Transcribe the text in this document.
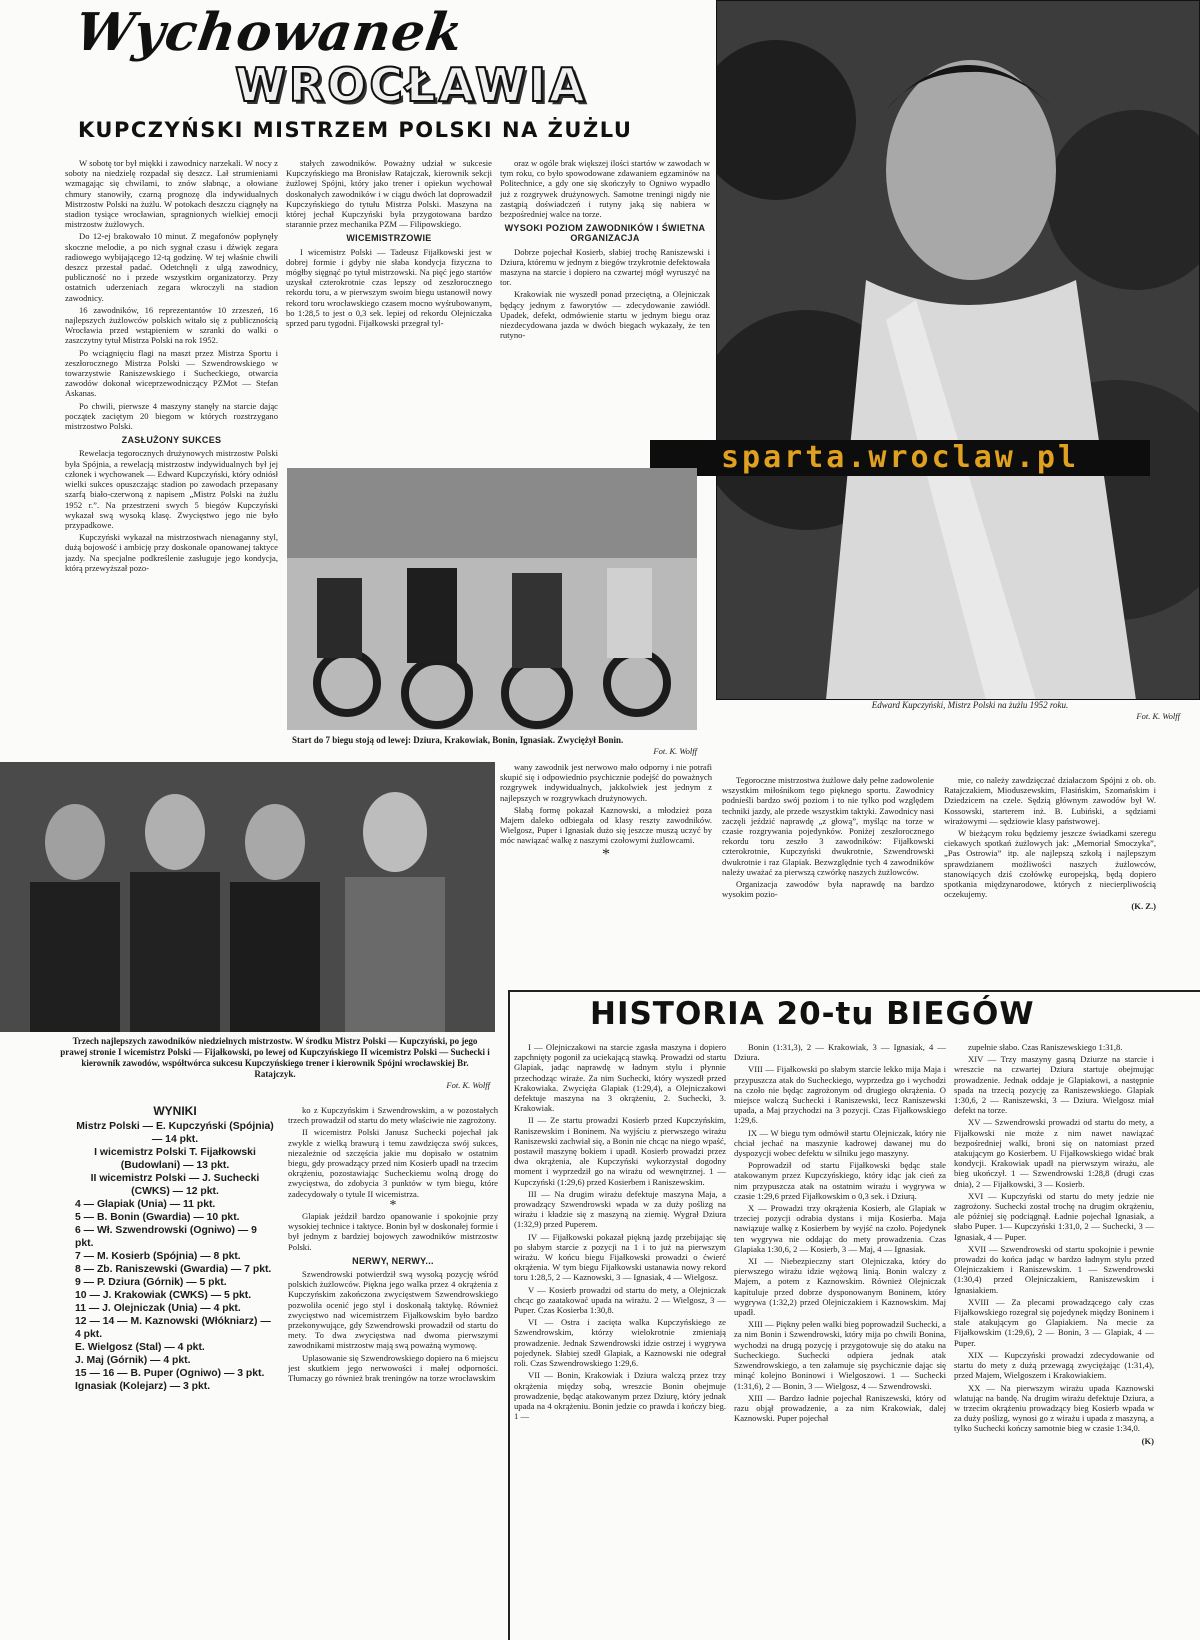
Wychowanek
WROCŁAWIA
KUPCZYŃSKI MISTRZEM POLSKI NA ŻUŻLU

W sobotę tor był miękki i zawodnicy narzekali. W nocy z soboty na niedzielę rozpadał się deszcz. Lał strumieniami wzmagając się chwilami, to znów słabnąc, a ołowiane chmury stanowiły, czarną prognozę dla indywidualnych Mistrzostw Polski na żużlu. W potokach deszczu ciągnęły na stadion tysiące wrocławian, spragnionych wielkiej emocji mistrzostw żużlowych.

Do 12-ej brakowało 10 minut. Z megafonów popłynęły skoczne melodie, a po nich sygnał czasu i dźwięk zegara radiowego wybijającego 12-tą godzinę. W tej właśnie chwili deszcz przestał padać. Odetchnęli z ulgą zawodnicy, publiczność no i przede wszystkim organizatorzy. Przy ostatnich uderzeniach zegara wkroczyli na stadion zawodnicy.

16 zawodników, 16 reprezentantów 10 zrzeszeń, 16 najlepszych żużlowców polskich witało się z publicznością Wrocławia przed wstąpieniem w szranki do walki o zaszczytny tytuł Mistrza Polski na rok 1952.

Po wciągnięciu flagi na maszt przez Mistrza Sportu i zeszłorocznego Mistrza Polski — Szwendrowskiego w towarzystwie Raniszewskiego i Sucheckiego, otwarcia zawodów dokonał wiceprzewodniczący PZMot — Stefan Askanas.

Po chwili, pierwsze 4 maszyny stanęły na starcie dając początek zaciętym 20 biegom w których rozstrzygano mistrzostwo Polski.

ZASŁUŻONY SUKCES

Rewelacja tegorocznych drużynowych mistrzostw Polski była Spójnia, a rewelacją mistrzostw indywidualnych był jej członek i wychowanek — Edward Kupczyński, który odniósł wielki sukces opuszczając stadion po zawodach przepasany szarfą biało-czerwoną z napisem „Mistrz Polski na żużlu 1952 r.”. Na przestrzeni swych 5 biegów Kupczyński wykazał swą wysoką klasę. Zwycięstwo jego nie było przypadkowe.

Kupczyński wykazał na mistrzostwach nienaganny styl, dużą bojowość i ambicję przy doskonale opanowanej taktyce jazdy. Na specjalne podkreślenie zasługuje jego kondycja, którą przewyższał pozo-

stałych zawodników. Poważny udział w sukcesie Kupczyńskiego ma Bronisław Ratajczak, kierownik sekcji żużlowej Spójni, który jako trener i opiekun wychował doskonałych zawodników i w ciągu dwóch lat doprowadził Kupczyńskiego do tytułu Mistrza Polski. Maszyna na której jechał Kupczyński była przygotowana bardzo starannie przez mechanika PZM — Filipowskiego.

WICEMISTRZOWIE

I wicemistrz Polski — Tadeusz Fijałkowski jest w dobrej formie i gdyby nie słaba kondycja fizyczna to mógłby sięgnąć po tytuł mistrzowski. Na pięć jego startów uzyskał czterokrotnie czas lepszy od zeszłorocznego rekordu toru, a w pierwszym swoim biegu ustanowił nowy rekord toru wrocławskiego czasem mocno wyśrubowanym, bo 1:28,5 to jest o 0,3 sek. lepiej od rekordu Olejniczaka sprzed paru tygodni. Fijałkowski przegrał tyl-

oraz w ogóle brak większej ilości startów w zawodach w tym roku, co było spowodowane zdawaniem egzaminów na Politechnice, a gdy one się skończyły to Ogniwo wypadło już z rozgrywek drużynowych. Samotne treningi nigdy nie zastąpią doświadczeń i rutyny jaką się nabiera w bezpośredniej walce na torze.

WYSOKI POZIOM ZAWODNIKÓW I ŚWIETNA ORGANIZACJA

Dobrze pojechał Kosierb, słabiej trochę Raniszewski i Dziura, któremu w jednym z biegów trzykrotnie defektowała maszyna na starcie i dopiero na czwartej mógł wyruszyć na tor.

Krakowiak nie wyszedł ponad przeciętną, a Olejniczak będący jednym z faworytów — zdecydowanie zawiódł. Upadek, defekt, odmówienie startu w jednym biegu oraz niezdecydowana jazda w dwóch biegach wykazały, że ten rutyno-

Edward Kupczyński, Mistrz Polski na żużlu 1952 roku.
Fot. K. Wolff
sparta.wroclaw.pl
Start do 7 biegu stoją od lewej: Dziura, Krakowiak, Bonin, Ignasiak. Zwyciężył Bonin.
Fot. K. Wolff
Trzech najlepszych zawodników niedzielnych mistrzostw. W środku Mistrz Polski — Kupczyński, po jego prawej stronie I wicemistrz Polski — Fijałkowski, po lewej od Kupczyńskiego II wicemistrz Polski — Suchecki i kierownik zawodów, współtwórca sukcesu Kupczyńskiego trener i kierownik Spójni wrocławskiej Br. Ratajczyk.
Fot. K. Wolff

wany zawodnik jest nerwowo mało odporny i nie potrafi skupić się i odpowiednio psychicznie podejść do poważnych rozgrywek indywidualnych, jakkolwiek jest jednym z najlepszych w rozgrywkach drużynowych.

Słabą formę pokazał Kaznowski, a młodzież poza Majem daleko odbiegała od klasy reszty zawodników. Wielgosz, Puper i Ignasiak dużo się jeszcze muszą uczyć by móc nawiązać walkę z naszymi czołowymi żużlowcami.

*

Tegoroczne mistrzostwa żużlowe dały pełne zadowolenie wszystkim miłośnikom tego pięknego sportu. Zawodnicy podnieśli bardzo swój poziom i to nie tylko pod względem techniki jazdy, ale przede wszystkim taktyki. Zawodnicy nasi zaczęli jeździć naprawdę „z głową”, myśląc na torze w czasie rozgrywania pojedynków. Poniżej zeszłorocznego rekordu toru zeszło 3 zawodników: Fijałkowski czterokrotnie, Kupczyński dwukrotnie, Szwendrowski dwukrotnie i raz Glapiak. Bezwzględnie tych 4 zawodników należy uważać za pierwszą czwórkę naszych żużlowców.

Organizacja zawodów była naprawdę na bardzo wysokim pozio-

mie, co należy zawdzięczać działaczom Spójni z ob. ob. Ratajczakiem, Mioduszewskim, Flasińskim, Szomańskim i Dziedzicem na czele. Sędzią głównym zawodów był W. Kossowski, starterem inż. B. Lubiński, a sędziami wirażowymi — sędziowie klasy państwowej.

W bieżącym roku będziemy jeszcze świadkami szeregu ciekawych spotkań żużlowych jak: „Memoriał Smoczyka”, „Pas Ostrowia” itp. ale najlepszą szkołą i najlepszym sprawdzianem możliwości naszych żużlowców, stanowiących dziś czołówkę europejską, będą dopiero spotkania międzynarodowe, których z niecierpliwością oczekujemy.

(K. Z.)
WYNIKI
Mistrz Polski — E. Kupczyński (Spójnia) — 14 pkt.
I wicemistrz Polski T. Fijałkowski (Budowlani) — 13 pkt.
II wicemistrz Polski — J. Suchecki (CWKS) — 12 pkt.
4 — Glapiak (Unia) — 11 pkt.
5 — B. Bonin (Gwardia) — 10 pkt.
6 — Wł. Szwendrowski (Ogniwo) — 9 pkt.
7 — M. Kosierb (Spójnia) — 8 pkt.
8 — Zb. Raniszewski (Gwardia) — 7 pkt.
9 — P. Dziura (Górnik) — 5 pkt.
10 — J. Krakowiak (CWKS) — 5 pkt.
11 — J. Olejniczak (Unia) — 4 pkt.
12 — 14 — M. Kaznowski (Włókniarz) — 4 pkt.
E. Wielgosz (Stal) — 4 pkt.
J. Maj (Górnik) — 4 pkt.
15 — 16 — B. Puper (Ogniwo) — 3 pkt.
Ignasiak (Kolejarz) — 3 pkt.

ko z Kupczyńskim i Szwendrowskim, a w pozostałych trzech prowadził od startu do mety właściwie nie zagrożony.

II wicemistrz Polski Janusz Suchecki pojechał jak zwykle z wielką brawurą i temu zawdzięcza swój sukces, niezależnie od szczęścia jakie mu dopisało w ostatnim biegu, gdy prowadzący przed nim Kosierb upadł na trzecim okrążeniu, pozostawiając Sucheckiemu wolną drogę do zwycięstwa, do zdobycia 3 punktów w tym biegu, które zadecydowały o tytule II wicemistrza.

*

Glapiak jeździł bardzo opanowanie i spokojnie przy wysokiej technice i taktyce. Bonin był w doskonałej formie i był jednym z bardziej bojowych zawodników mistrzostw Polski.

NERWY, NERWY...

Szwendrowski potwierdził swą wysoką pozycję wśród polskich żużlowców. Piękna jego walka przez 4 okrążenia z Kupczyńskim zakończona zwycięstwem Szwendrowskiego pozwoliła ocenić jego styl i doskonałą taktykę. Również zwycięstwo nad wicemistrzem Fijałkowskim było bardzo przekonywujące, gdy Szwendrowski prowadził od startu do mety. To dwa zwycięstwa nad dwoma pierwszymi zawodnikami mistrzostw mają swą poważną wymowę.

Uplasowanie się Szwendrowskiego dopiero na 6 miejscu jest skutkiem jego nerwowości i małej odporności. Tłumaczy go również brak treningów na torze wrocławskim

HISTORIA 20-tu BIEGÓW

I — Olejniczakowi na starcie zgasła maszyna i dopiero zapchnięty pogonił za uciekającą stawką. Prowadzi od startu Glapiak, jadąc naprawdę w ładnym stylu i płynnie przechodząc wiraże. Za nim Suchecki, który wyszedł przed Krakowiaka. Zwycięża Glapiak (1:29,4), a Olejniczakowi defektuje maszyna na 3 okrążeniu, 2. Suchecki, 3. Krakowiak.

II — Ze startu prowadzi Kosierb przed Kupczyńskim, Raniszewskim i Boninem. Na wyjściu z pierwszego wirażu Raniszewski zachwiał się, a Bonin nie chcąc na niego wpaść, postawił maszynę bokiem i upadł. Kosierb prowadzi przez dwa okrążenia, ale Kupczyński wykorzystał dogodny moment i wyprzedził go na wirażu od wewnętrznej. 1 — Kupczyński (1:29,6) przed Kosierbem i Raniszewskim.

III — Na drugim wirażu defektuje maszyna Maja, a prowadzący Szwendrowski wpada w za duży poślizg na wirażu i kładzie się z maszyną na ziemię. Wygrał Dziura (1:32,9) przed Puperem.

IV — Fijałkowski pokazał piękną jazdę przebijając się po słabym starcie z pozycji na 1 i to już na pierwszym wirażu. W końcu biegu Fijałkowski prowadzi o ćwierć okrążenia. W tym biegu Fijałkowski ustanawia nowy rekord toru 1:28,5, 2 — Kaznowski, 3 — Ignasiak, 4 — Wielgosz.

V — Kosierb prowadzi od startu do mety, a Olejniczak chcąc go zaatakować upada na wirażu. 2 — Wielgosz, 3 — Puper. Czas Kosierba 1:30,8.

VI — Ostra i zacięta walka Kupczyńskiego ze Szwendrowskim, którzy wielokrotnie zmieniają prowadzenie. Jednak Szwendrowski idzie ostrzej i wygrywa pojedynek. Słabiej szedł Glapiak, a Kaznowski nie odegrał roli. Czas Szwendrowskiego 1:29,6.

VII — Bonin, Krakowiak i Dziura walczą przez trzy okrążenia między sobą, wreszcie Bonin obejmuje prowadzenie, będąc atakowanym przez Dziurę, który jednak upada na 4 okrążeniu. Bonin jedzie co prawda i kończy bieg. 1 —

Bonin (1:31,3), 2 — Krakowiak, 3 — Ignasiak, 4 — Dziura.

VIII — Fijałkowski po słabym starcie lekko mija Maja i przypuszcza atak do Sucheckiego, wyprzedza go i wychodzi na czoło nie będąc zagrożonym od drugiego okrążenia. O miejsce walczą Suchecki i Raniszewski, lecz Raniszewski upada, a Maj przychodzi na 3 pozycji. Czas Fijałkowskiego 1:29,6.

IX — W biegu tym odmówił startu Olejniczak, który nie chciał jechać na maszynie kadrowej dawanej mu do dyspozycji wobec defektu w silniku jego maszyny.

Poprowadził od startu Fijałkowski będąc stale atakowanym przez Kupczyńskiego, który idąc jak cień za nim przypuszcza atak na ostatnim wirażu i wygrywa w czasie 1:29,6 przed Fijałkowskim o 0,3 sek. i Dziurą.

X — Prowadzi trzy okrążenia Kosierb, ale Glapiak w trzeciej pozycji odrabia dystans i mija Kosierba. Maja nawiązuje walkę z Kosierbem by wyjść na czoło. Pojedynek ten wygrywa nie oddając do mety prowadzenia. Czas Glapiaka 1:30,6, 2 — Kosierb, 3 — Maj, 4 — Ignasiak.

XI — Niebezpieczny start Olejniczaka, który do pierwszego wirażu idzie wężową linią. Bonin walczy z Majem, a potem z Kaznowskim. Również Olejniczak kapituluje przed dobrze dysponowanym Boninem, który wygrywa (1:32,2) przed Olejniczakiem i Kaznowskim. Maj upadł.

XIII — Piękny pełen walki bieg poprowadził Suchecki, a za nim Bonin i Szwendrowski, który mija po chwili Bonina, wychodzi na drugą pozycję i przygotowuje się do ataku na Sucheckiego. Suchecki odpiera jednak atak Szwendrowskiego, a ten załamuje się psychicznie dając się minąć kolejno Boninowi i Wielgoszowi. 1 — Suchecki (1:31,6), 2 — Bonin, 3 — Wielgosz, 4 — Szwendrowski.

XIII — Bardzo ładnie pojechał Raniszewski, który od razu objął prowadzenie, a za nim Krakowiak, dalej Kaznowski. Puper pojechał

zupełnie słabo. Czas Raniszewskiego 1:31,8.

XIV — Trzy maszyny gasną Dziurze na starcie i wreszcie na czwartej Dziura startuje obejmując prowadzenie. Jednak oddaje je Glapiakowi, a następnie spada na trzecią pozycję za Raniszewskiego. Glapiak 1:30,6, 2 — Raniszewski, 3 — Dziura. Wielgosz miał defekt na torze.

XV — Szwendrowski prowadzi od startu do mety, a Fijałkowski nie może z nim nawet nawiązać bezpośredniej walki, broni się on natomiast przed atakującym go Kosierbem. U Fijałkowskiego widać brak kondycji. Krakowiak upadł na pierwszym wirażu, ale bieg ukończył. 1 — Szwendrowski 1:28,8 (drugi czas dnia), 2 — Fijałkowski, 3 — Kosierb.

XVI — Kupczyński od startu do mety jedzie nie zagrożony. Suchecki został trochę na drugim okrążeniu, ale później się podciągnął. Ładnie pojechał Ignasiak, a słabo Puper. 1— Kupczyński 1:31,0, 2 — Suchecki, 3 — Ignasiak, 4 — Puper.

XVII — Szwendrowski od startu spokojnie i pewnie prowadzi do końca jadąc w bardzo ładnym stylu przed Olejniczakiem i Raniszewskim. 1 — Szwendrowski (1:30,4) przed Olejniczakiem, Raniszewskim i Ignasiakiem.

XVIII — Za plecami prowadzącego cały czas Fijałkowskiego rozegrał się pojedynek między Boninem i stale atakującym go Glapiakiem. Na mecie za Fijałkowskim (1:29,6), 2 — Bonin, 3 — Glapiak, 4 — Puper.

XIX — Kupczyński prowadzi zdecydowanie od startu do mety z dużą przewagą zwyciężając (1:31,4), przed Majem, Wielgoszem i Krakowiakiem.

XX — Na pierwszym wirażu upada Kaznowski wlatując na bandę. Na drugim wirażu defektuje Dziura, a w trzecim okrążeniu prowadzący bieg Kosierb wpada w za duży poślizg, wynosi go z wirażu i upada z maszyną, a tylko Suchecki kończy samotnie bieg w czasie 1:34,0.

(K)
